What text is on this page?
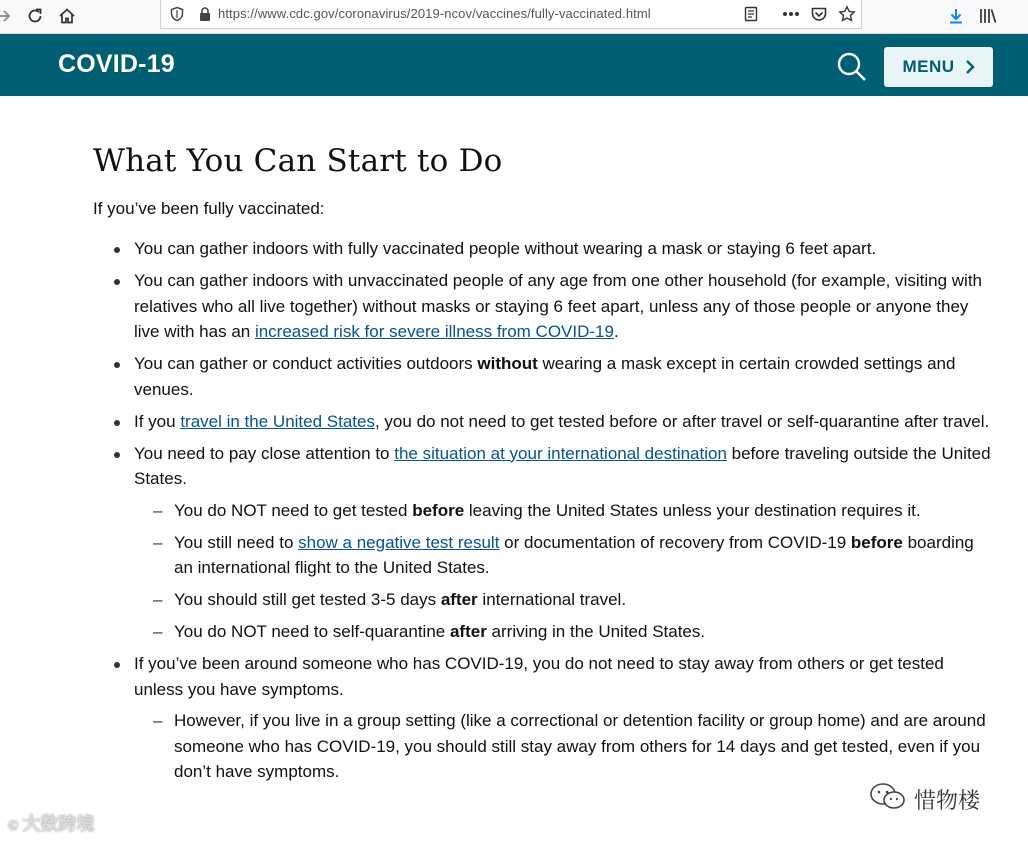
https://www.cdc.gov/coronavirus/2019-ncov/vaccines/fully-vaccinated.html
COVID-19	MENU
What You Can Start to Do
If you’ve been fully vaccinated:
You can gather indoors with fully vaccinated people without wearing a mask or staying 6 feet apart.
You can gather indoors with unvaccinated people of any age from one other household (for example, visiting with relatives who all live together) without masks or staying 6 feet apart, unless any of those people or anyone they live with has an increased risk for severe illness from COVID-19.
You can gather or conduct activities outdoors without wearing a mask except in certain crowded settings and venues.
If you travel in the United States, you do not need to get tested before or after travel or self-quarantine after travel.
You need to pay close attention to the situation at your international destination before traveling outside the United States.
– You do NOT need to get tested before leaving the United States unless your destination requires it.
– You still need to show a negative test result or documentation of recovery from COVID-19 before boarding an international flight to the United States.
– You should still get tested 3-5 days after international travel.
– You do NOT need to self-quarantine after arriving in the United States.
If you’ve been around someone who has COVID-19, you do not need to stay away from others or get tested unless you have symptoms.
– However, if you live in a group setting (like a correctional or detention facility or group home) and are around someone who has COVID-19, you should still stay away from others for 14 days and get tested, even if you don’t have symptoms.
© 大数跨境
惜物楼
